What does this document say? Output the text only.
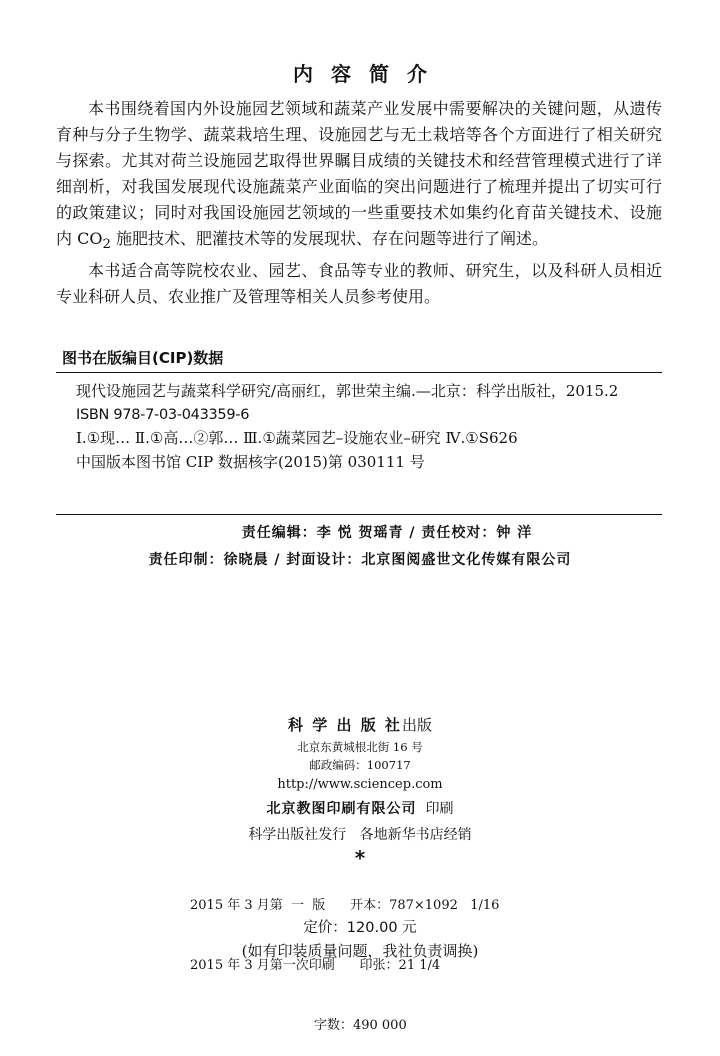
内容简介

本书围绕着国内外设施园艺领域和蔬菜产业发展中需要解决的关键问题，从遗传育种与分子生物学、蔬菜栽培生理、设施园艺与无土栽培等各个方面进行了相关研究与探索。尤其对荷兰设施园艺取得世界瞩目成绩的关键技术和经营管理模式进行了详细剖析，对我国发展现代设施蔬菜产业面临的突出问题进行了梳理并提出了切实可行的政策建议；同时对我国设施园艺领域的一些重要技术如集约化育苗关键技术、设施内 $CO_2$ 施肥技术、肥灌技术等的发展现状、存在问题等进行了阐述。

本书适合高等院校农业、园艺、食品等专业的教师、研究生，以及科研人员相近专业科研人员、农业推广及管理等相关人员参考使用。

图书在版编目(CIP)数据
现代设施园艺与蔬菜科学研究/高丽红，郭世荣主编.—北京：科学出版社，2015.2
ISBN 978-7-03-043359-6
Ⅰ.①现… Ⅱ.①高…②郭… Ⅲ.①蔬菜园艺–设施农业–研究 Ⅳ.①S626
中国版本图书馆 CIP 数据核字(2015)第 030111 号
责任编辑：李 悦 贺瑶青 / 责任校对：钟 洋
责任印制：徐晓晨 / 封面设计：北京图阅盛世文化传媒有限公司
科 学 出 版 社出版
北京东黄城根北街 16 号
邮政编码：100717
http://www.sciencep.com
北京教图印刷有限公司 印刷
科学出版社发行   各地新华书店经销
*

2015 年 3 月第  一  版      开本：787×1092   1/16

2015 年 3 月第一次印刷      印张：21 1/4

字数：490 000

定价：120.00 元
(如有印装质量问题，我社负责调换)
